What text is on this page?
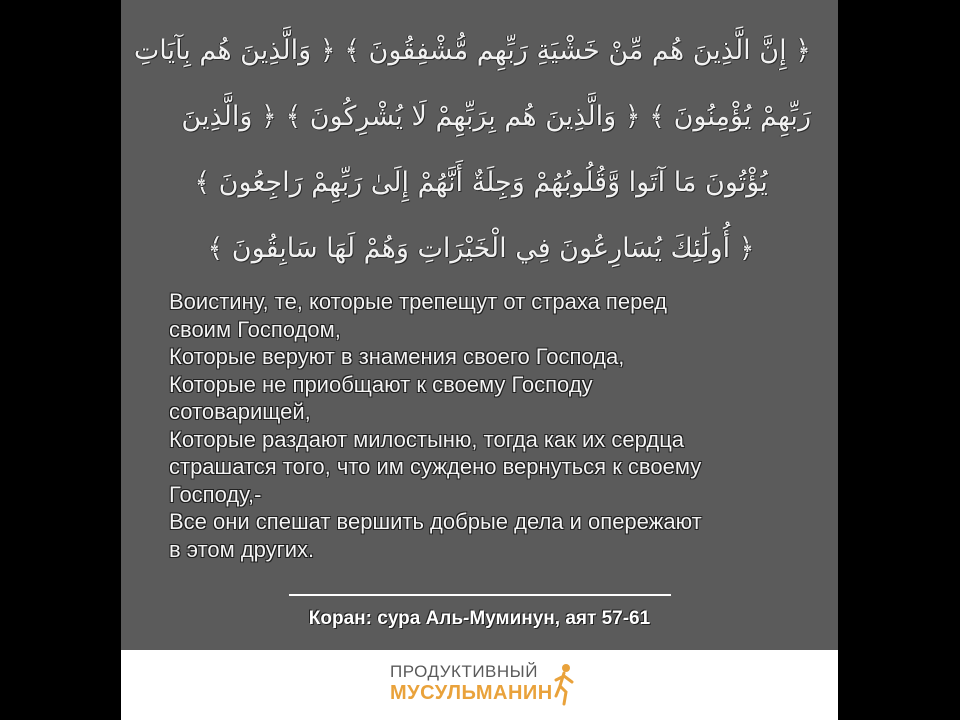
﴿ إِنَّ الَّذِينَ هُم مِّنْ خَشْيَةِ رَبِّهِم مُّشْفِقُونَ ﴾ ﴿ وَالَّذِينَ هُم بِآيَاتِ
رَبِّهِمْ يُؤْمِنُونَ ﴾ ﴿ وَالَّذِينَ هُم بِرَبِّهِمْ لَا يُشْرِكُونَ ﴾ ﴿ وَالَّذِينَ
يُؤْتُونَ مَا آتَوا وَّقُلُوبُهُمْ وَجِلَةٌ أَنَّهُمْ إِلَىٰ رَبِّهِمْ رَاجِعُونَ ﴾
﴿ أُولَٰئِكَ يُسَارِعُونَ فِي الْخَيْرَاتِ وَهُمْ لَهَا سَابِقُونَ ﴾
Воистину, те, которые трепещут от страха перед
своим Господом,
Которые веруют в знамения своего Господа,
Которые не приобщают к своему Господу
сотоварищей,
Которые раздают милостыню, тогда как их сердца
страшатся того, что им суждено вернуться к своему
Господу,-
Все они спешат вершить добрые дела и опережают
в этом других.
Коран: сура Аль-Муминун, аят 57-61
ПРОДУКТИВНЫЙ
МУСУЛЬМАНИН
